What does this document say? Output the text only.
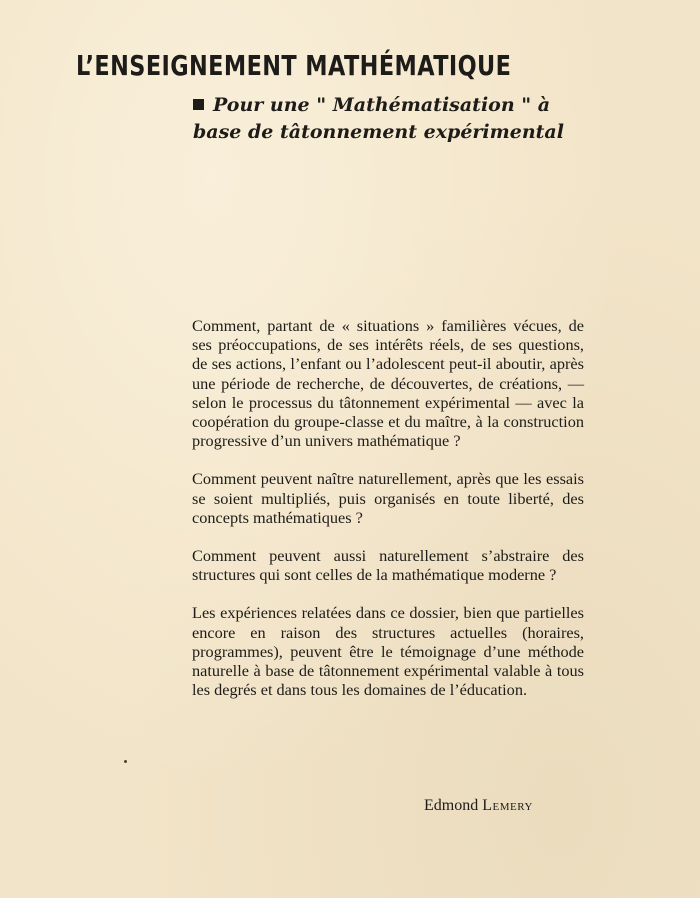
L’ENSEIGNEMENT MATHÉMATIQUE
Pour une " Mathématisation " à
base de tâtonnement expérimental

Comment, partant de « situations » familières vécues, de ses préoccupations, de ses intérêts réels, de ses questions, de ses actions, l’enfant ou l’adolescent peut-il aboutir, après une période de recherche, de découvertes, de créations, — selon le processus du tâtonnement expérimental — avec la coopération du groupe-classe et du maître, à la construction progressive d’un univers mathématique ?

Comment peuvent naître naturellement, après que les essais se soient multipliés, puis organisés en toute liberté, des concepts mathématiques ?

Comment peuvent aussi naturellement s’abstraire des structures qui sont celles de la mathématique moderne ?

Les expériences relatées dans ce dossier, bien que partielles encore en raison des structures actuelles (horaires, programmes), peuvent être le témoignage d’une méthode naturelle à base de tâtonnement expérimental valable à tous les degrés et dans tous les domaines de l’éducation.

Edmond Lemery
